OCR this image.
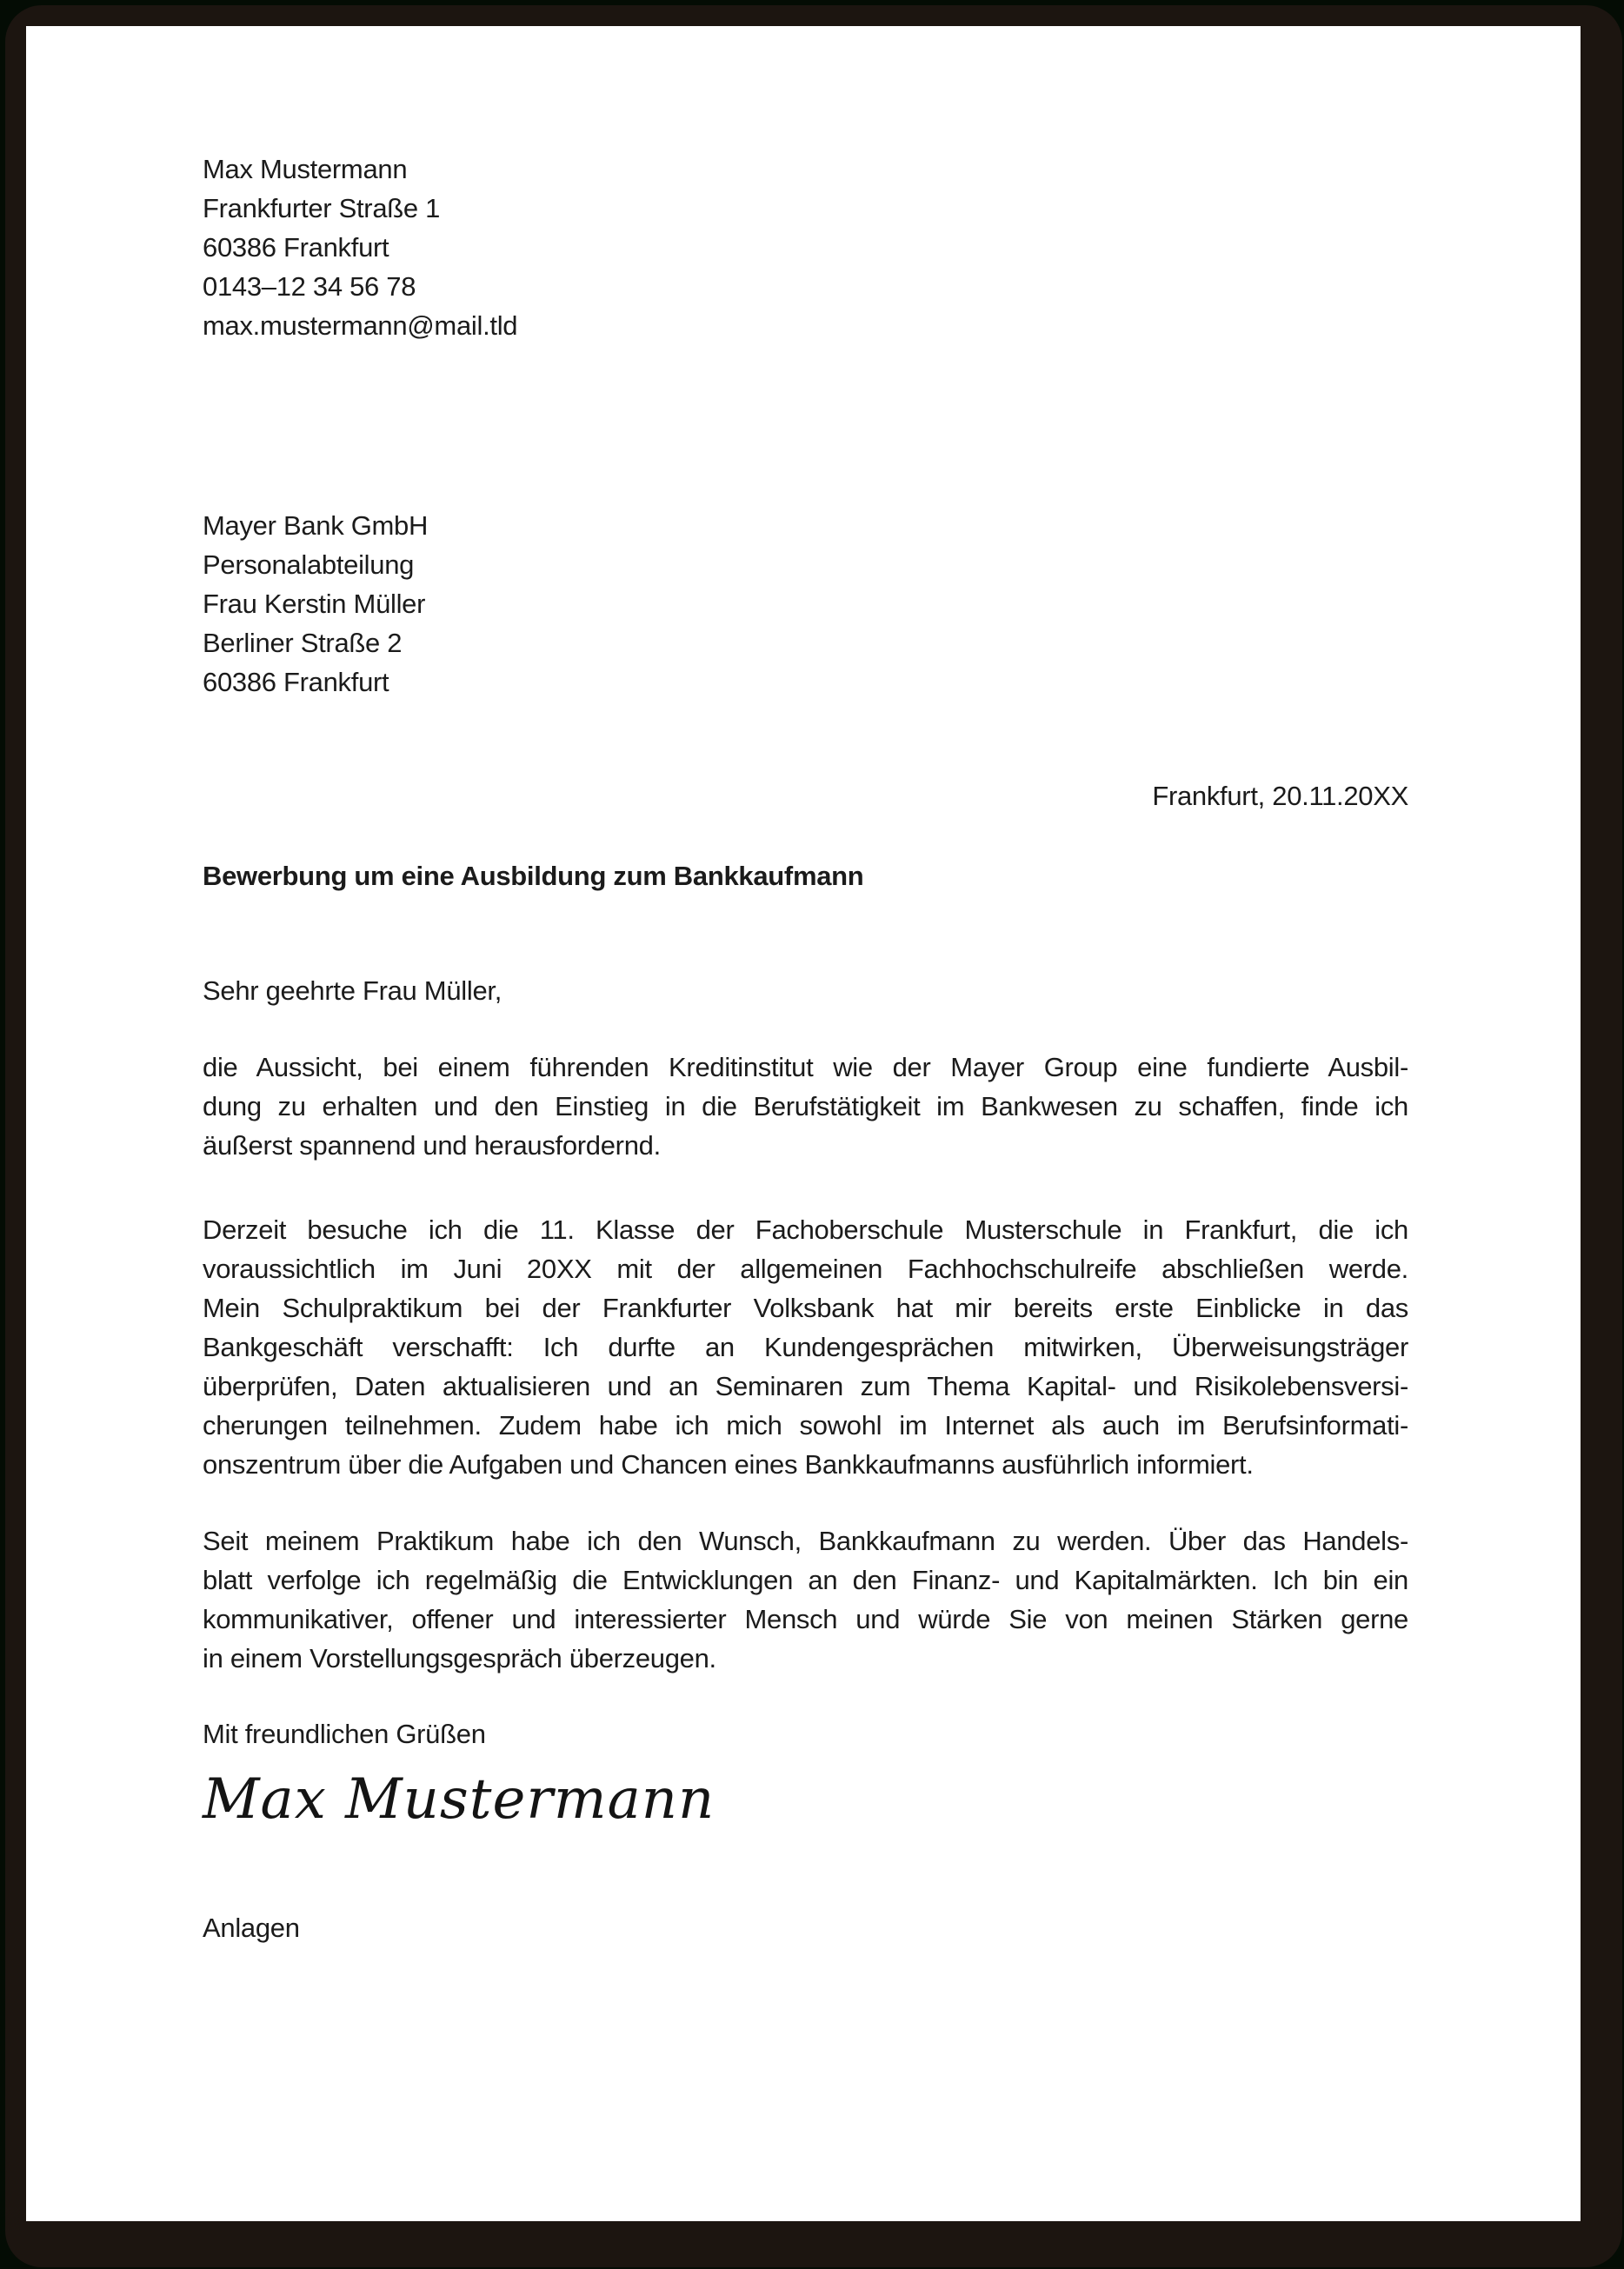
Max Mustermann
Frankfurter Straße 1
60386 Frankfurt
0143–12 34 56 78
max.mustermann@mail.tld
Mayer Bank GmbH
Personalabteilung
Frau Kerstin Müller
Berliner Straße 2
60386 Frankfurt
Frankfurt, 20.11.20XX
Bewerbung um eine Ausbildung zum Bankkaufmann
Sehr geehrte Frau Müller,
die Aussicht, bei einem führenden Kreditinstitut wie der Mayer Group eine fundierte Ausbil-
dung zu erhalten und den Einstieg in die Berufstätigkeit im Bankwesen zu schaffen, finde ich
äußerst spannend und herausfordernd.
Derzeit besuche ich die 11. Klasse der Fachoberschule Musterschule in Frankfurt, die ich
voraussichtlich im Juni 20XX mit der allgemeinen Fachhochschulreife abschließen werde.
Mein Schulpraktikum bei der Frankfurter Volksbank hat mir bereits erste Einblicke in das
Bankgeschäft verschafft: Ich durfte an Kundengesprächen mitwirken, Überweisungsträger
überprüfen, Daten aktualisieren und an Seminaren zum Thema Kapital- und Risikolebensversi-
cherungen teilnehmen. Zudem habe ich mich sowohl im Internet als auch im Berufsinformati-
onszentrum über die Aufgaben und Chancen eines Bankkaufmanns ausführlich informiert.
Seit meinem Praktikum habe ich den Wunsch, Bankkaufmann zu werden. Über das Handels-
blatt verfolge ich regelmäßig die Entwicklungen an den Finanz- und Kapitalmärkten. Ich bin ein
kommunikativer, offener und interessierter Mensch und würde Sie von meinen Stärken gerne
in einem Vorstellungsgespräch überzeugen.
Mit freundlichen Grüßen
Max Mustermann
Anlagen
